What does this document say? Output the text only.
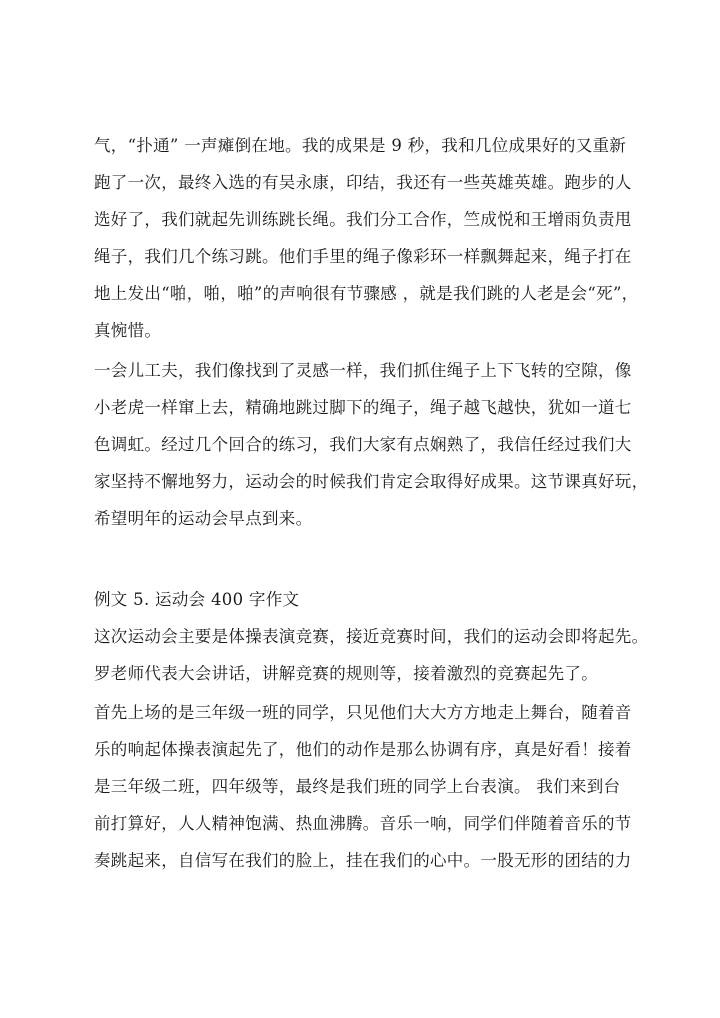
气，“扑通” 一声瘫倒在地。我的成果是 9 秒，我和几位成果好的又重新
跑了一次，最终入选的有吴永康，印结，我还有一些英雄英雄。跑步的人
选好了，我们就起先训练跳长绳。我们分工合作，竺成悦和王增雨负责甩
绳子，我们几个练习跳。他们手里的绳子像彩环一样飘舞起来，绳子打在
地上发出“啪，啪，啪”的声响很有节骤感 ，就是我们跳的人老是会“死”，
真惋惜。
一会儿工夫，我们像找到了灵感一样，我们抓住绳子上下飞转的空隙，像
小老虎一样窜上去，精确地跳过脚下的绳子，绳子越飞越快，犹如一道七
色调虹。经过几个回合的练习，我们大家有点娴熟了，我信任经过我们大
家坚持不懈地努力，运动会的时候我们肯定会取得好成果。这节课真好玩，
希望明年的运动会早点到来。
例文 5. 运动会 400 字作文
这次运动会主要是体操表演竞赛，接近竞赛时间，我们的运动会即将起先。
罗老师代表大会讲话，讲解竞赛的规则等，接着激烈的竞赛起先了。
首先上场的是三年级一班的同学，只见他们大大方方地走上舞台，随着音
乐的响起体操表演起先了，他们的动作是那么协调有序，真是好看！接着
是三年级二班，四年级等，最终是我们班的同学上台表演。 我们来到台
前打算好，人人精神饱满、热血沸腾。音乐一响，同学们伴随着音乐的节
奏跳起来，自信写在我们的脸上，挂在我们的心中。一股无形的团结的力
